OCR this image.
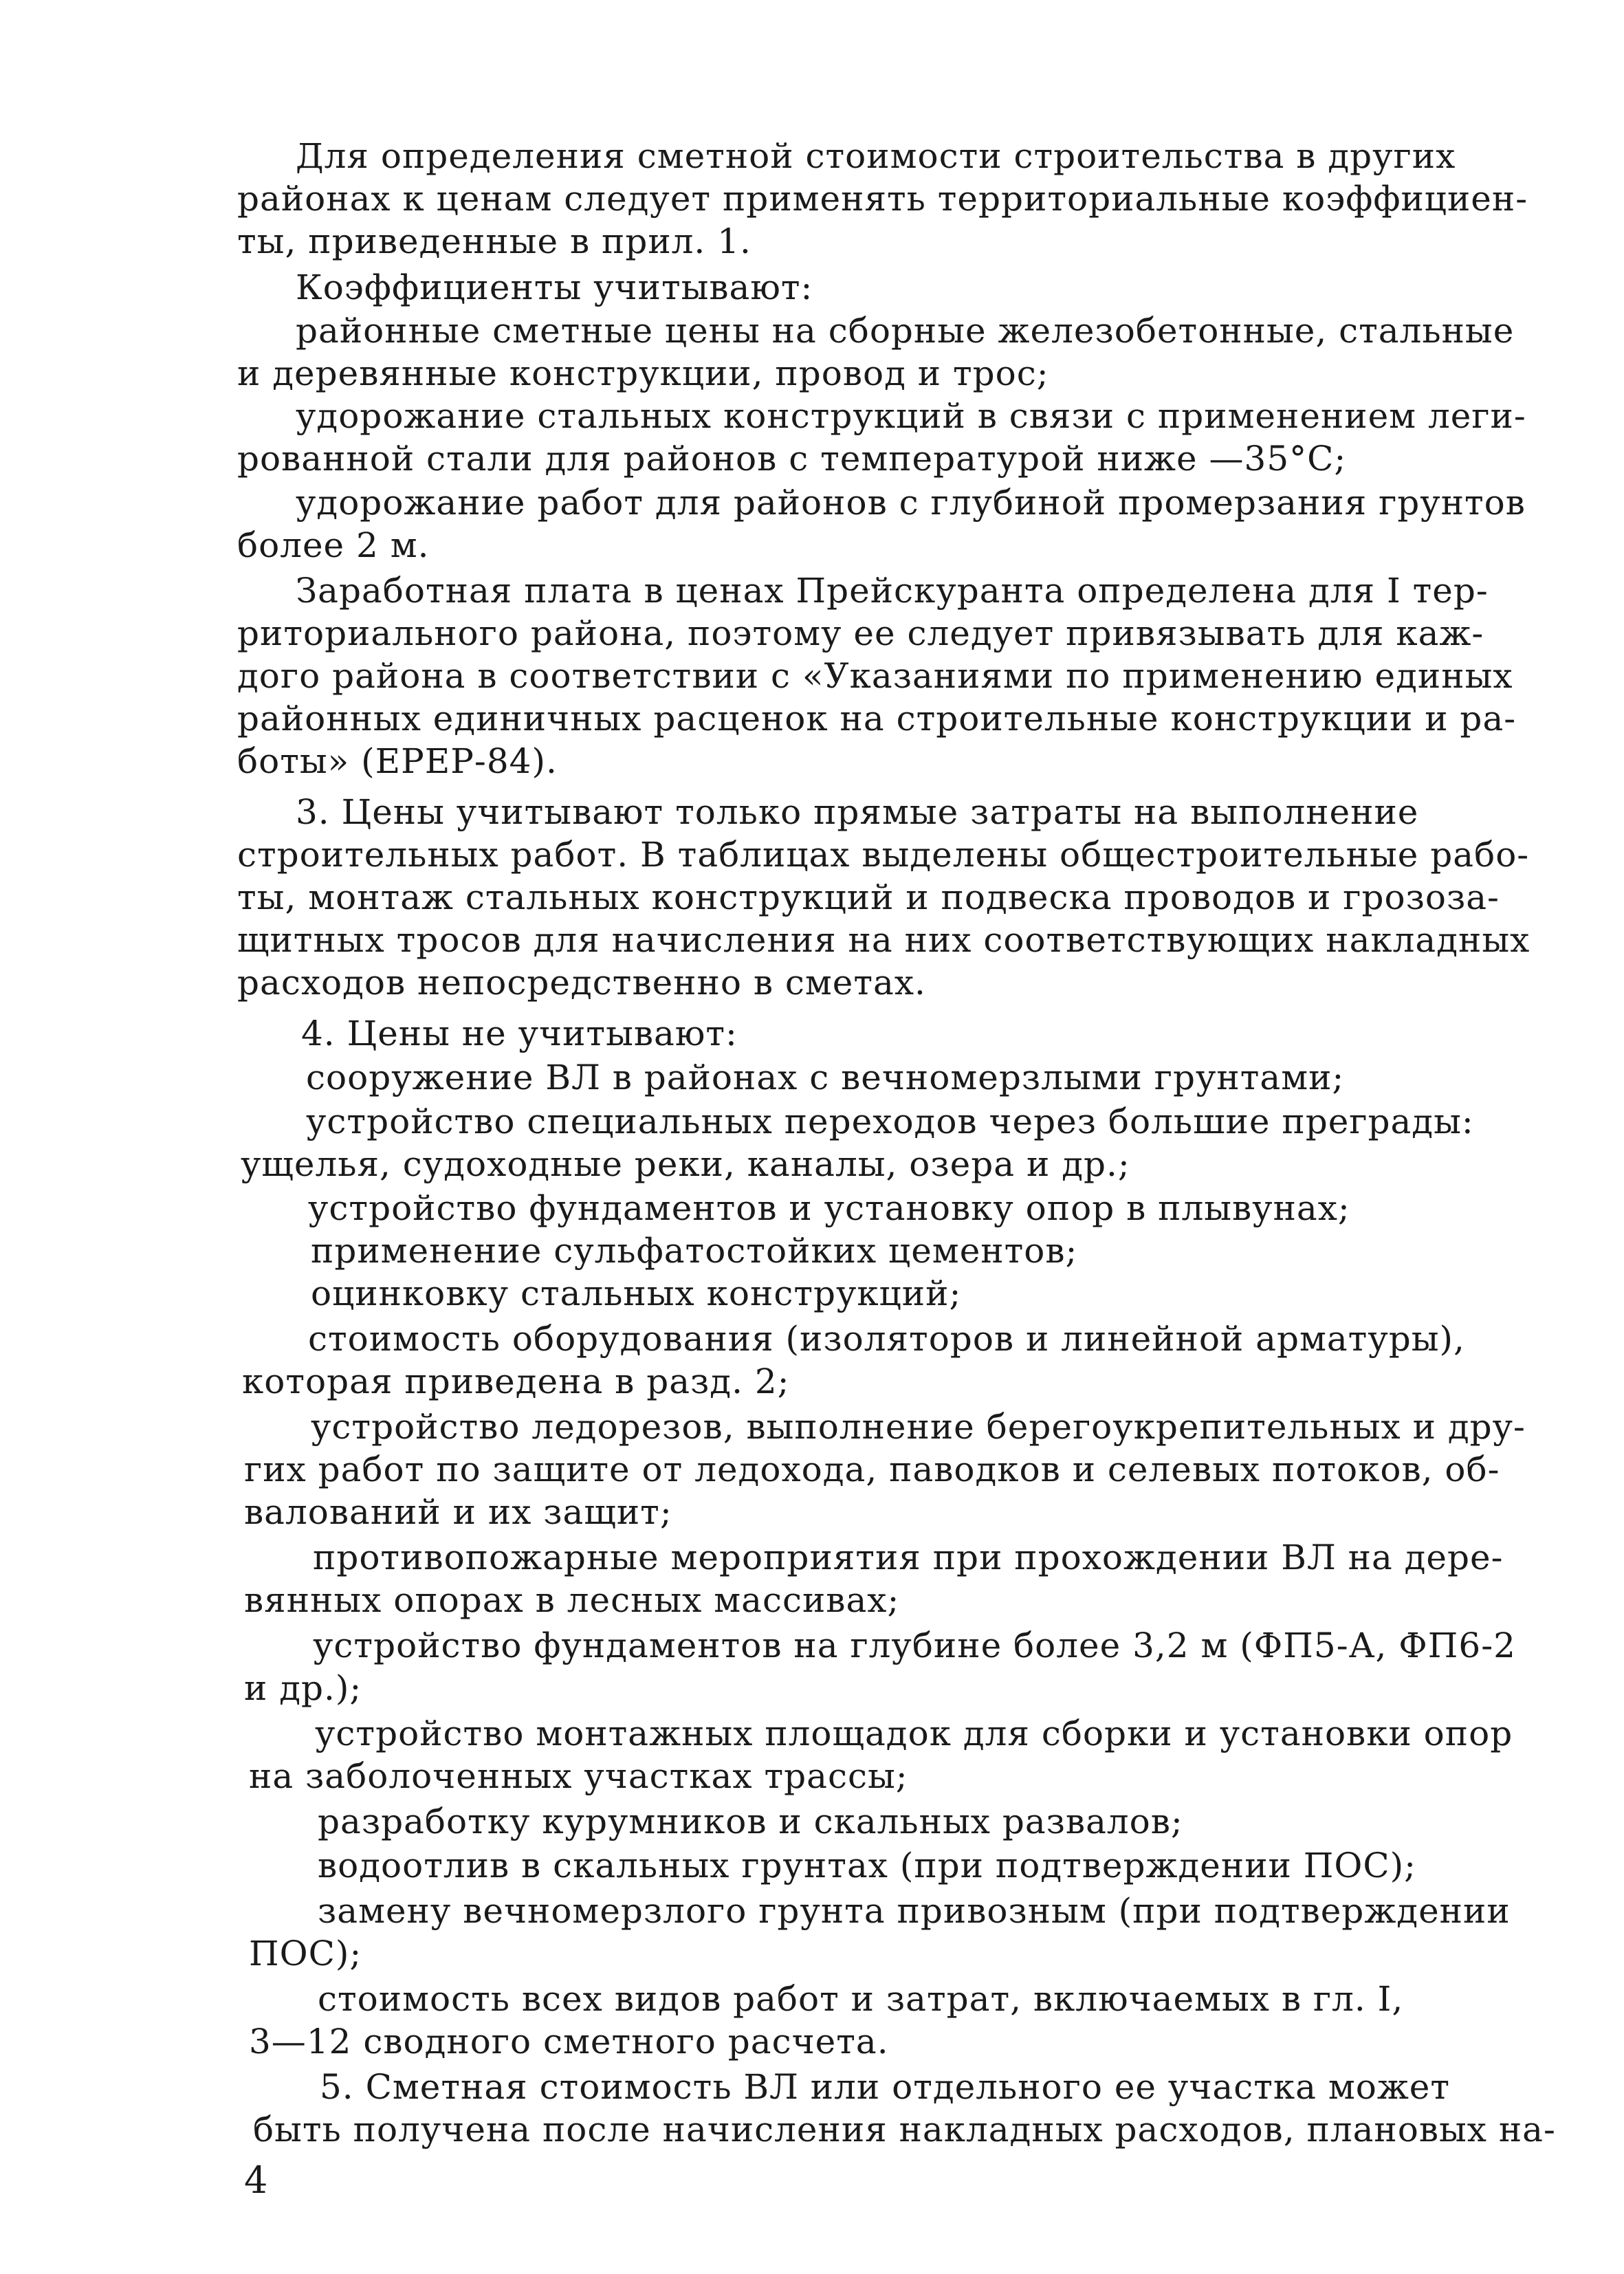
Для определения сметной стоимости строительства в других
районах к ценам следует применять территориальные коэффициен-
ты, приведенные в прил. 1.
Коэффициенты учитывают:
районные сметные цены на сборные железобетонные, стальные
и деревянные конструкции, провод и трос;
удорожание стальных конструкций в связи с применением леги-
рованной стали для районов с температурой ниже —35°С;
удорожание работ для районов с глубиной промерзания грунтов
более 2 м.
Заработная плата в ценах Прейскуранта определена для I тер-
риториального района, поэтому ее следует привязывать для каж-
дого района в соответствии с «Указаниями по применению единых
районных единичных расценок на строительные конструкции и ра-
боты» (ЕРЕР-84).
3. Цены учитывают только прямые затраты на выполнение
строительных работ. В таблицах выделены общестроительные рабо-
ты, монтаж стальных конструкций и подвеска проводов и грозоза-
щитных тросов для начисления на них соответствующих накладных
расходов непосредственно в сметах.
4. Цены не учитывают:
сооружение ВЛ в районах с вечномерзлыми грунтами;
устройство специальных переходов через большие преграды:
ущелья, судоходные реки, каналы, озера и др.;
устройство фундаментов и установку опор в плывунах;
применение сульфатостойких цементов;
оцинковку стальных конструкций;
стоимость оборудования (изоляторов и линейной арматуры),
которая приведена в разд. 2;
устройство ледорезов, выполнение берегоукрепительных и дру-
гих работ по защите от ледохода, паводков и селевых потоков, об-
валований и их защит;
противопожарные мероприятия при прохождении ВЛ на дере-
вянных опорах в лесных массивах;
устройство фундаментов на глубине более 3,2 м (ФП5-А, ФП6-2
и др.);
устройство монтажных площадок для сборки и установки опор
на заболоченных участках трассы;
разработку курумников и скальных развалов;
водоотлив в скальных грунтах (при подтверждении ПОС);
замену вечномерзлого грунта привозным (при подтверждении
ПОС);
стоимость всех видов работ и затрат, включаемых в гл. I,
3—12 сводного сметного расчета.
5. Сметная стоимость ВЛ или отдельного ее участка может
быть получена после начисления накладных расходов, плановых на-
4
